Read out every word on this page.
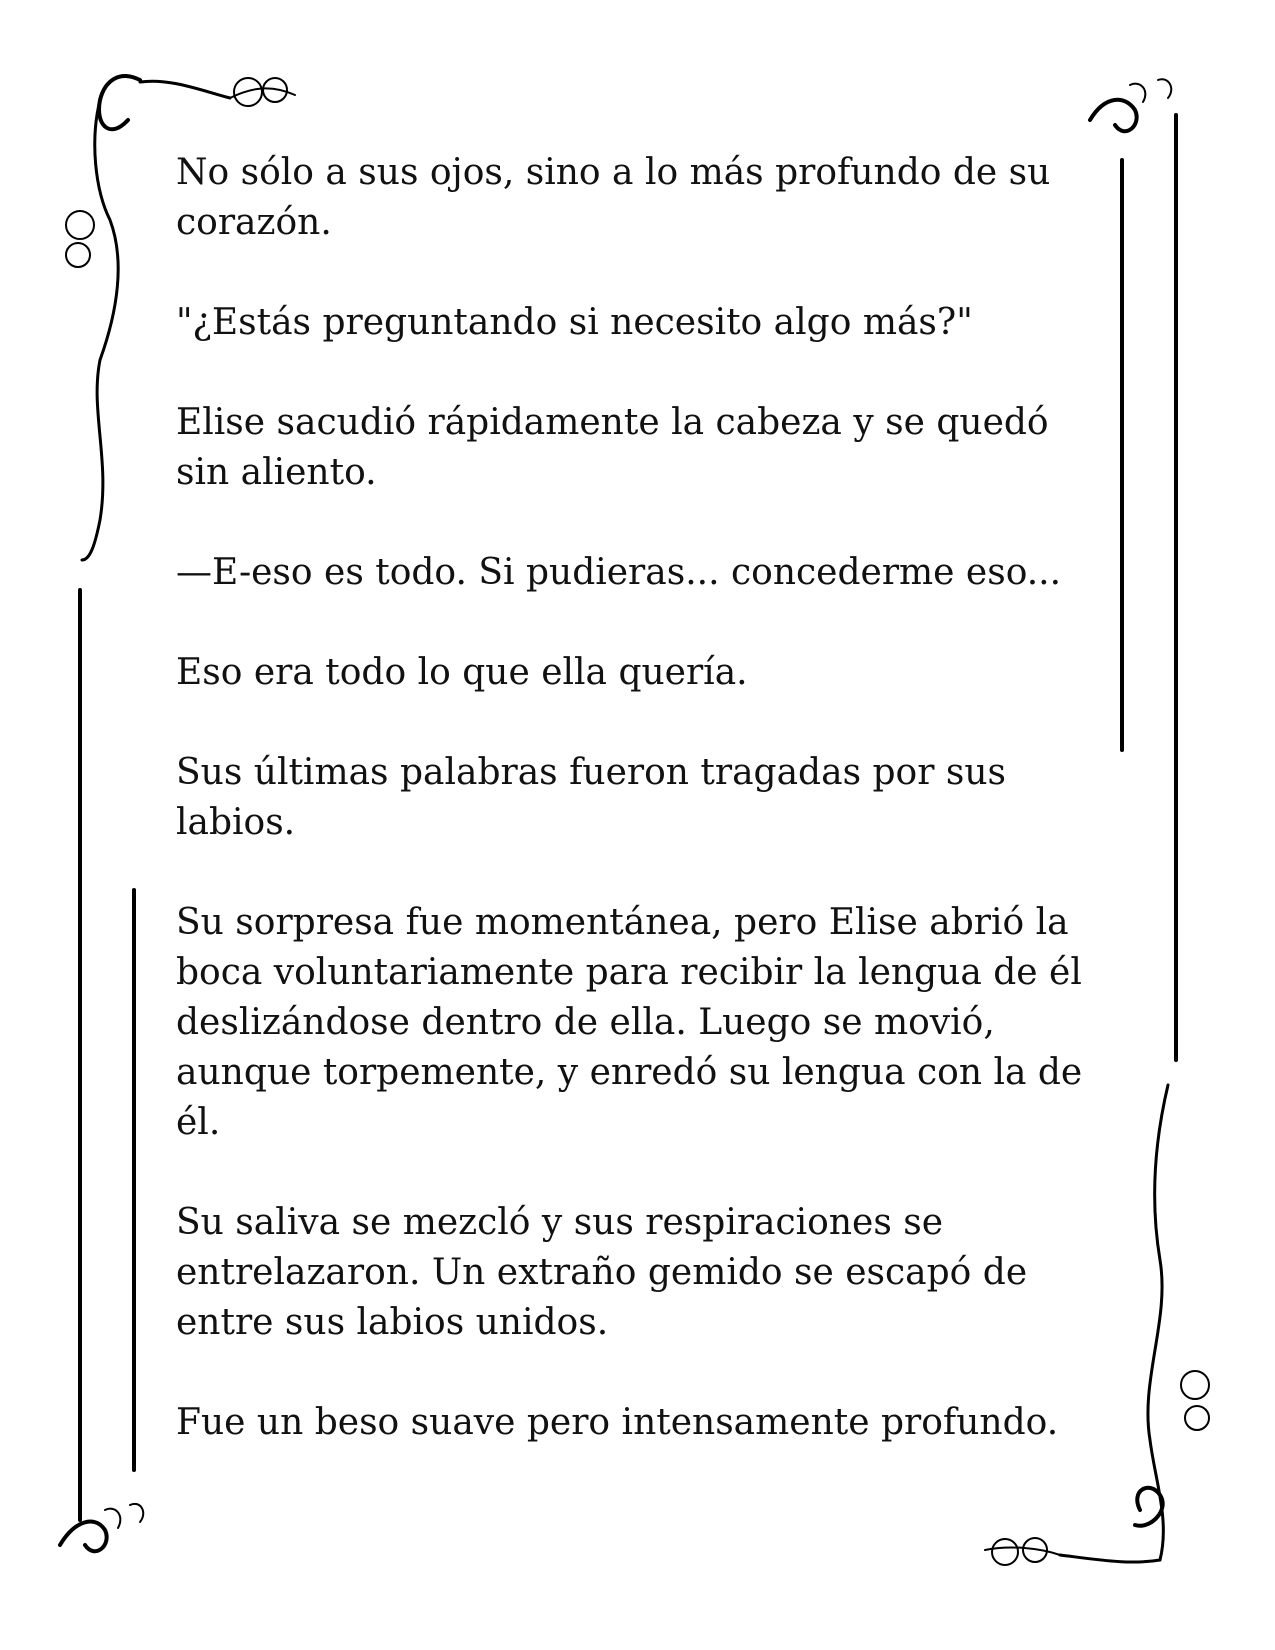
No sólo a sus ojos, sino a lo más profundo de su corazón.

"¿Estás preguntando si necesito algo más?"

Elise sacudió rápidamente la cabeza y se quedó sin aliento.

—E-eso es todo. Si pudieras... concederme eso...

Eso era todo lo que ella quería.

Sus últimas palabras fueron tragadas por sus labios.

Su sorpresa fue momentánea, pero Elise abrió la boca voluntariamente para recibir la lengua de él deslizándose dentro de ella. Luego se movió, aunque torpemente, y enredó su lengua con la de él.

Su saliva se mezcló y sus respiraciones se entrelazaron. Un extraño gemido se escapó de entre sus labios unidos.

Fue un beso suave pero intensamente profundo.
